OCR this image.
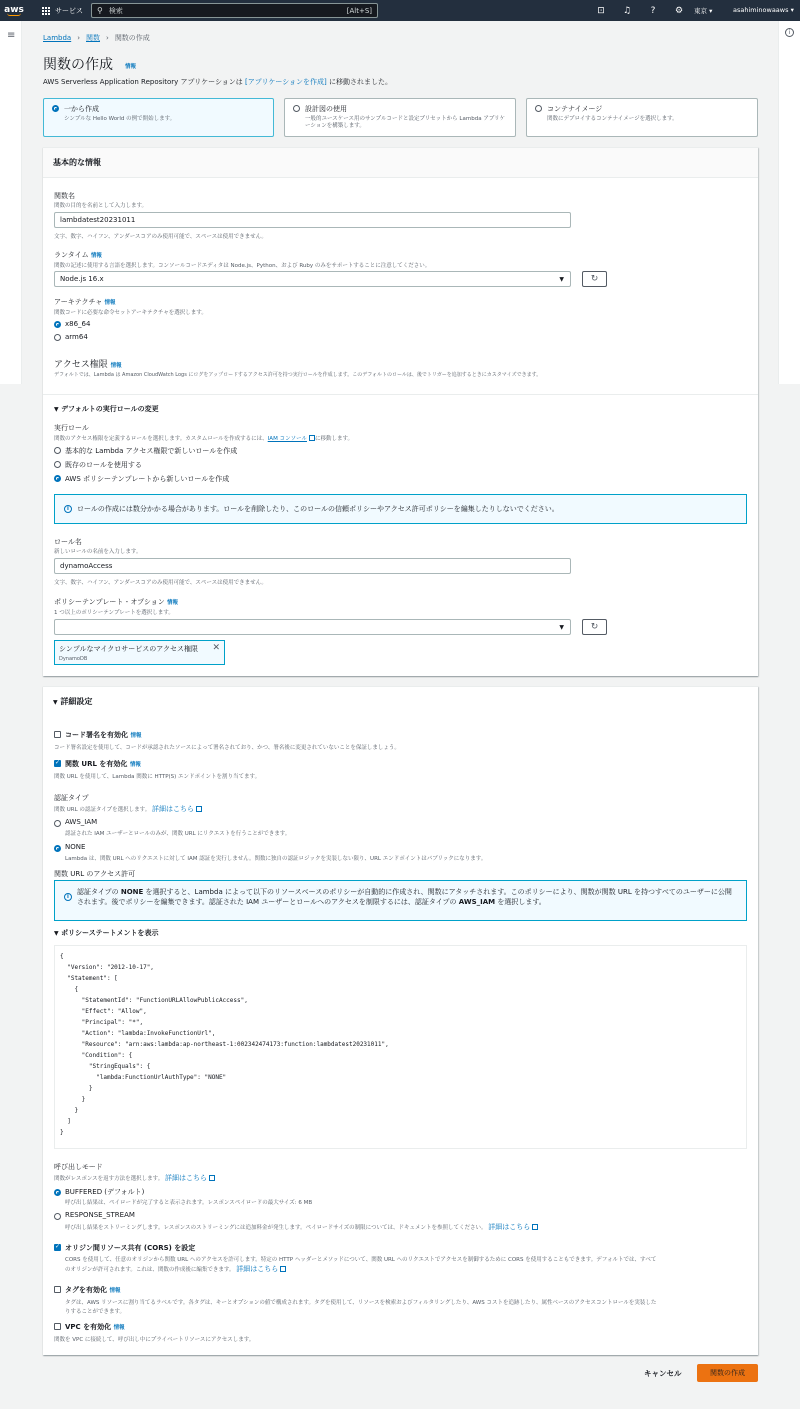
aws	サービス ⚲ 検索	[Alt+S]	⊡	♫	?	⚙	東京 ▾	asahiminowaaws ▾
≡	i
Lambda › 関数 › 関数の作成
関数の作成 情報
AWS Serverless Application Repository アプリケーションは [アプリケーションを作成] に移動されました。
一から作成
シンプルな Hello World の例で開始します。
設計図の使用
一般的ユースケース用のサンプルコードと設定プリセットから Lambda アプリケーションを構築します。
コンテナイメージ
関数にデプロイするコンテナイメージを選択します。
基本的な情報
関数名
関数の目的を名前として入力します。
lambdatest20231011
文字、数字、ハイフン、アンダースコアのみ使用可能で、スペースは使用できません。
ランタイム 情報
関数の記述に使用する言語を選択します。コンソールコードエディタは Node.js、Python、および Ruby のみをサポートすることに注意してください。
Node.js 16.x	▼	↻
アーキテクチャ 情報
関数コードに必要な命令セットアーキテクチャを選択します。
x86_64
arm64
アクセス権限 情報
デフォルトでは、Lambda は Amazon CloudWatch Logs にログをアップロードするアクセス許可を持つ実行ロールを作成します。このデフォルトのロールは、後でトリガーを追加するときにカスタマイズできます。
▼ デフォルトの実行ロールの変更
実行ロール
関数のアクセス権限を定義するロールを選択します。カスタムロールを作成するには、IAM コンソール に移動します。
基本的な Lambda アクセス権限で新しいロールを作成
既存のロールを使用する
AWS ポリシーテンプレートから新しいロールを作成
i	ロールの作成には数分かかる場合があります。ロールを削除したり、このロールの信頼ポリシーやアクセス許可ポリシーを編集したりしないでください。
ロール名
新しいロールの名前を入力します。
dynamoAccess
文字、数字、ハイフン、アンダースコアのみ使用可能で、スペースは使用できません。
ポリシーテンプレート - オプション 情報
1 つ以上のポリシーテンプレートを選択します。
▼	↻
シンプルなマイクロサービスのアクセス権限
DynamoDB
✕
▼ 詳細設定
コード署名を有効化 情報
コード署名設定を使用して、コードが承認されたソースによって署名されており、かつ、署名後に変更されていないことを保証しましょう。
✓
関数 URL を有効化 情報
関数 URL を使用して、Lambda 関数に HTTP(S) エンドポイントを割り当てます。
認証タイプ
関数 URL の認証タイプを選択します。 詳細はこちら
AWS_IAM
認証された IAM ユーザーとロールのみが、関数 URL にリクエストを行うことができます。
NONE
Lambda は、関数 URL へのリクエストに対して IAM 認証を実行しません。関数に独自の認証ロジックを実装しない限り、URL エンドポイントはパブリックになります。
関数 URL のアクセス許可
i
認証タイプの NONE を選択すると、Lambda によって以下のリソースベースのポリシーが自動的に作成され、関数にアタッチされます。このポリシーにより、関数が関数 URL を持つすべてのユーザーに公開されます。後でポリシーを編集できます。認証された IAM ユーザーとロールへのアクセスを制限するには、認証タイプの AWS_IAM を選択します。
▼ ポリシーステートメントを表示
{
"Version": "2012-10-17",
"Statement": [
{
"StatementId": "FunctionURLAllowPublicAccess",
"Effect": "Allow",
"Principal": "*",
"Action": "lambda:InvokeFunctionUrl",
"Resource": "arn:aws:lambda:ap-northeast-1:002342474173:function:lambdatest20231011",
"Condition": {
"StringEquals": {
"lambda:FunctionUrlAuthType": "NONE"
}
}
}
]
}
呼び出しモード
関数がレスポンスを返す方法を選択します。 詳細はこちら
BUFFERED (デフォルト)
呼び出し結果は、ペイロードが完了すると表示されます。レスポンスペイロードの最大サイズ: 6 MB
RESPONSE_STREAM
呼び出し結果をストリーミングします。レスポンスのストリーミングには追加料金が発生します。ペイロードサイズの制限については、ドキュメントを参照してください。 詳細はこちら
✓
オリジン間リソース共有 (CORS) を設定
CORS を使用して、任意のオリジンから関数 URL へのアクセスを許可します。特定の HTTP ヘッダーとメソッドについて、関数 URL へのリクエストでアクセスを制御するために CORS を使用することもできます。デフォルトでは、すべて
のオリジンが許可されます。これは、関数の作成後に編集できます。 詳細はこちら
タグを有効化 情報
タグは、AWS リソースに割り当てるラベルです。各タグは、キーとオプションの値で構成されます。タグを使用して、リソースを検索およびフィルタリングしたり、AWS コストを追跡したり、属性ベースのアクセスコントロールを実装した
りすることができます。
VPC を有効化 情報
関数を VPC に接続して、呼び出し中にプライベートリソースにアクセスします。
キャンセル	関数の作成
